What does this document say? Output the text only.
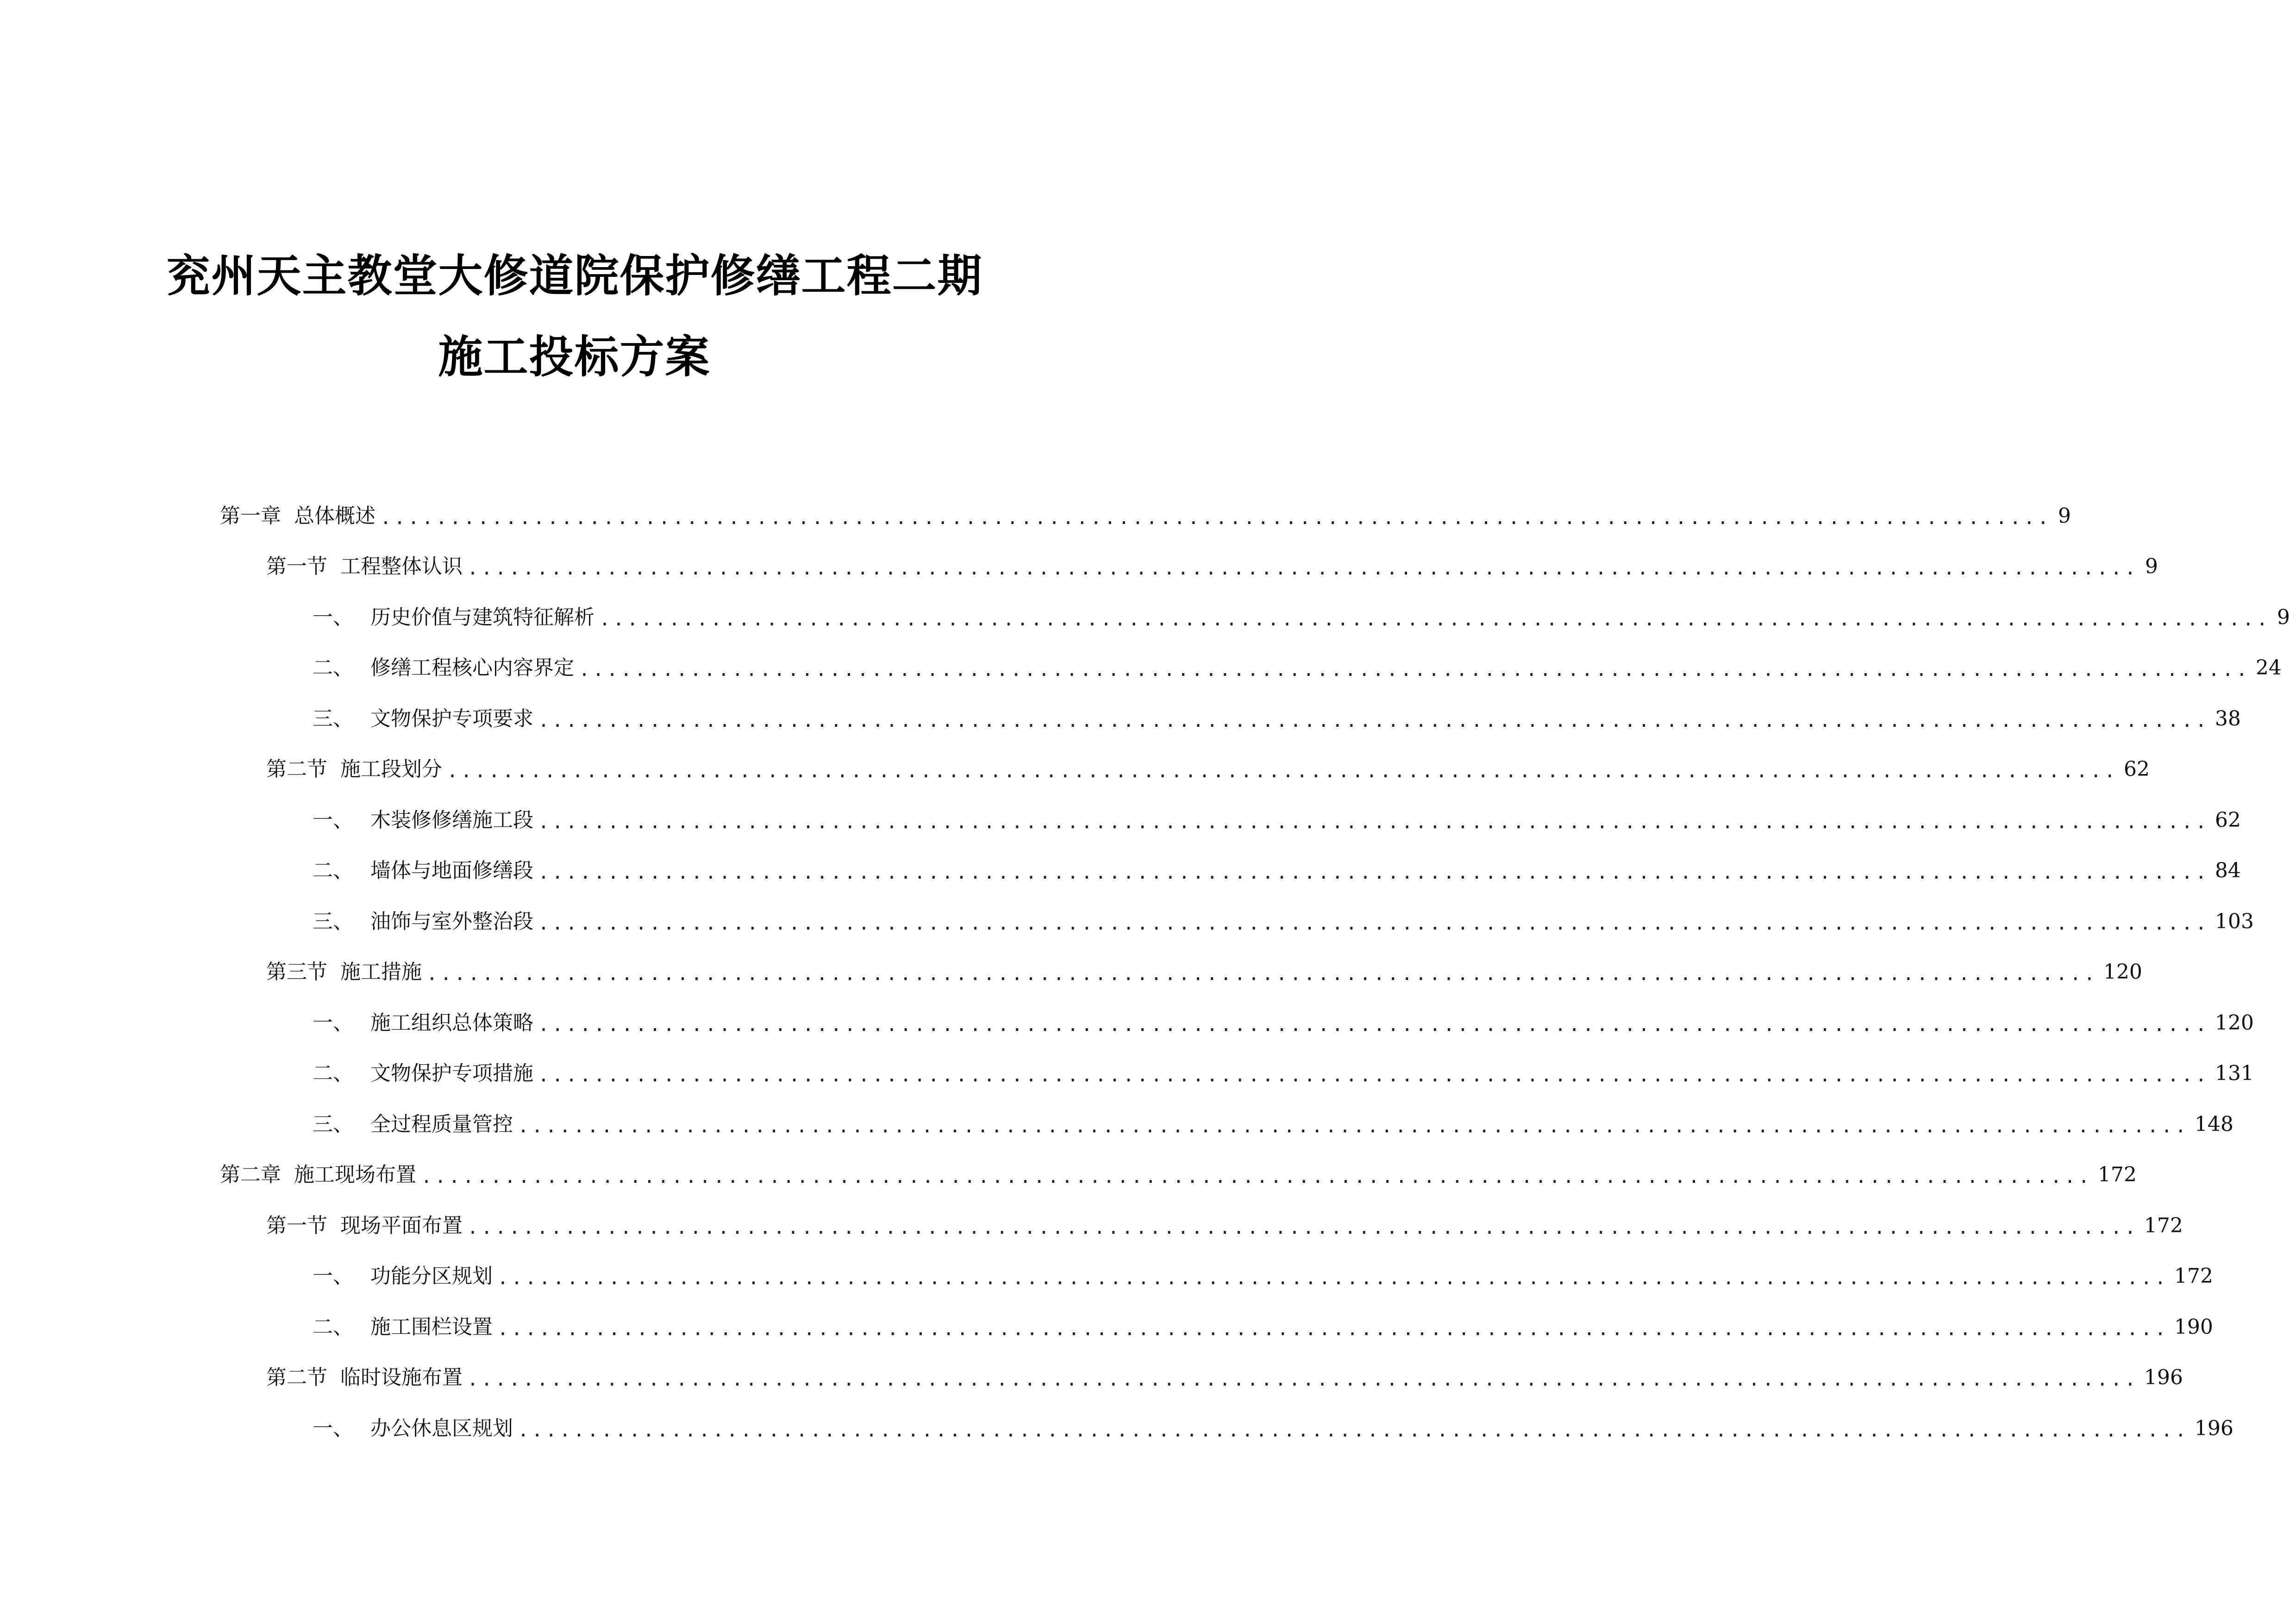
兖州天主教堂大修道院保护修缮工程二期
施工投标方案
第一章 总体概述 ........................................................................................................................ 9
第一节 工程整体认识 ........................................................................................................................ 9
一、 历史价值与建筑特征解析 ........................................................................................................................ 9
二、 修缮工程核心内容界定 ........................................................................................................................ 24
三、 文物保护专项要求 ........................................................................................................................ 38
第二节 施工段划分 ........................................................................................................................ 62
一、 木装修修缮施工段 ........................................................................................................................ 62
二、 墙体与地面修缮段 ........................................................................................................................ 84
三、 油饰与室外整治段 ........................................................................................................................ 103
第三节 施工措施 ........................................................................................................................ 120
一、 施工组织总体策略 ........................................................................................................................ 120
二、 文物保护专项措施 ........................................................................................................................ 131
三、 全过程质量管控 ........................................................................................................................ 148
第二章 施工现场布置 ........................................................................................................................ 172
第一节 现场平面布置 ........................................................................................................................ 172
一、 功能分区规划 ........................................................................................................................ 172
二、 施工围栏设置 ........................................................................................................................ 190
第二节 临时设施布置 ........................................................................................................................ 196
一、 办公休息区规划 ........................................................................................................................ 196
